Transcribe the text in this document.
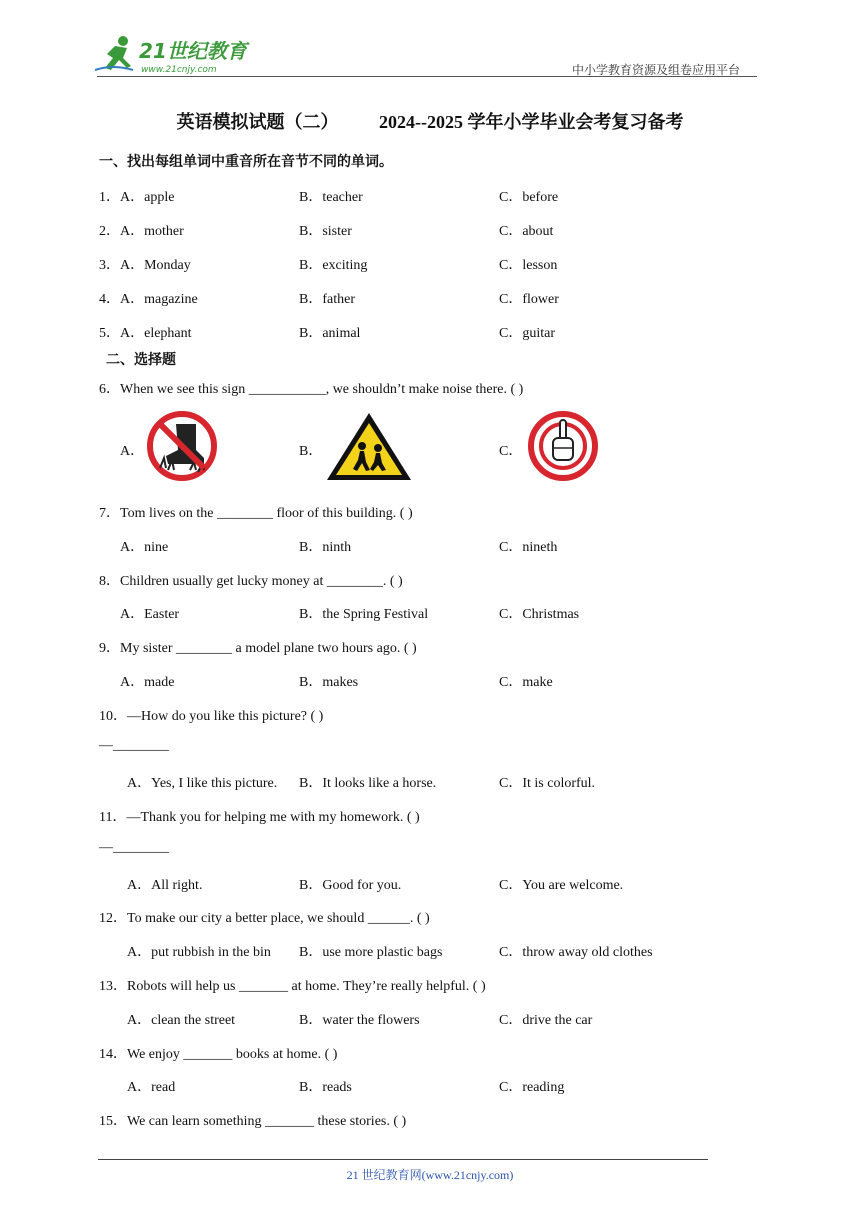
21世纪教育
www.21cnjy.com	中小学教育资源及组卷应用平台
英语模拟试题（二） 2024--2025 学年小学毕业会考复习备考
一、找出每组单词中重音所在音节不同的单词。
1． A．apple	B．teacher	C．before
2． A．mother	B．sister	C．about
3． A．Monday	B．exciting	C．lesson
4． A．magazine	B．father	C．flower
5． A．elephant	B．animal	C．guitar
二、选择题
6．When we see this sign ___________, we shouldn’t make noise there. ( )
A．	B．	C．
7．Tom lives on the ________ floor of this building. ( )
A．nine	B．ninth	C．nineth
8．Children usually get lucky money at ________. ( )
A．Easter	B．the Spring Festival	C．Christmas
9．My sister ________ a model plane two hours ago. ( )
A．made	B．makes	C．make
10．—How do you like this picture? ( )
—________
A．Yes, I like this picture. B．It looks like a horse.	C．It is colorful.
11．—Thank you for helping me with my homework. ( )
—________
A．All right.	B．Good for you.	C．You are welcome.
12．To make our city a better place, we should ______. ( )
A．put rubbish in the bin B．use more plastic bags	C．throw away old clothes
13．Robots will help us _______ at home. They’re really helpful. ( )
A．clean the street	B．water the flowers	C．drive the car
14．We enjoy _______ books at home. ( )
A．read	B．reads	C．reading
15．We can learn something _______ these stories. ( )
21 世纪教育网(www.21cnjy.com)
